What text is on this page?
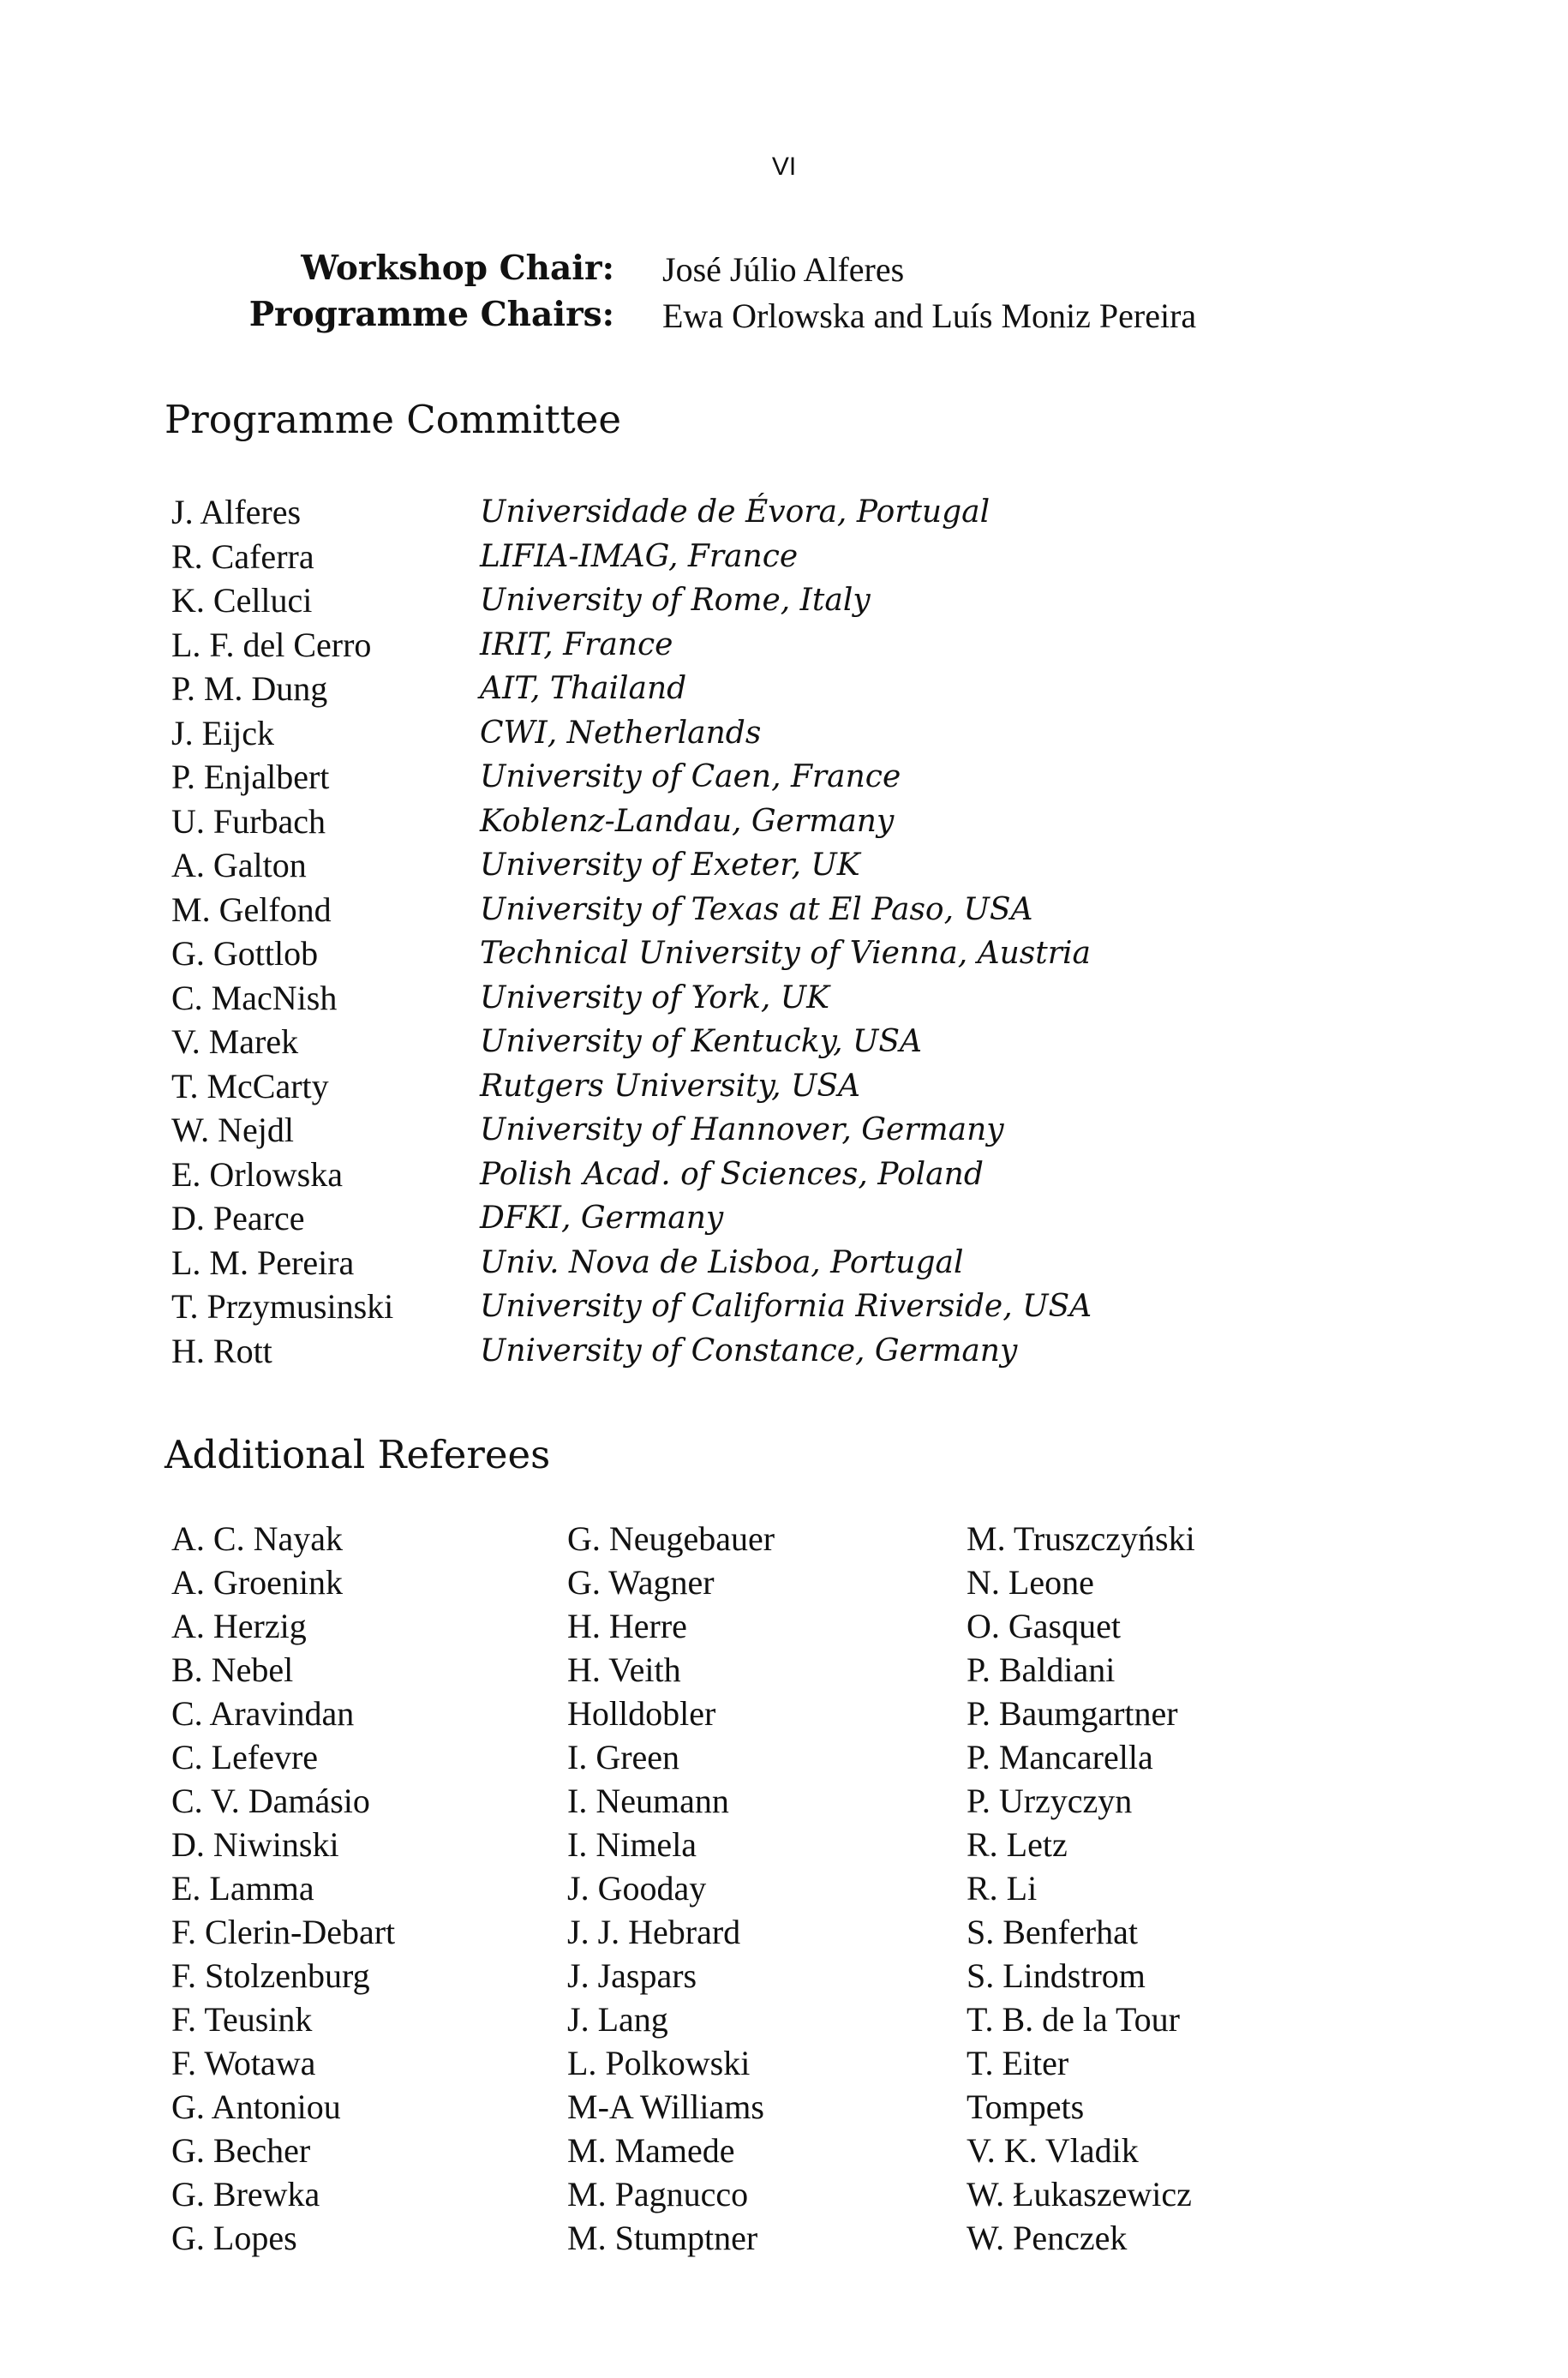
VI
Workshop Chair: José Júlio Alferes
Programme Chairs: Ewa Orlowska and Luís Moniz Pereira
Programme Committee
J. Alferes	Universidade de Évora, Portugal
R. Caferra	LIFIA-IMAG, France
K. Celluci	University of Rome, Italy
L. F. del Cerro	IRIT, France
P. M. Dung	AIT, Thailand
J. Eijck	CWI, Netherlands
P. Enjalbert	University of Caen, France
U. Furbach	Koblenz-Landau, Germany
A. Galton	University of Exeter, UK
M. Gelfond	University of Texas at El Paso, USA
G. Gottlob	Technical University of Vienna, Austria
C. MacNish	University of York, UK
V. Marek	University of Kentucky, USA
T. McCarty	Rutgers University, USA
W. Nejdl	University of Hannover, Germany
E. Orlowska	Polish Acad. of Sciences, Poland
D. Pearce	DFKI, Germany
L. M. Pereira	Univ. Nova de Lisboa, Portugal
T. Przymusinski	University of California Riverside, USA
H. Rott	University of Constance, Germany
Additional Referees
A. C. Nayak
A. Groenink
A. Herzig
B. Nebel
C. Aravindan
C. Lefevre
C. V. Damásio
D. Niwinski
E. Lamma
F. Clerin-Debart
F. Stolzenburg
F. Teusink
F. Wotawa
G. Antoniou
G. Becher
G. Brewka
G. Lopes
G. Neugebauer
G. Wagner
H. Herre
H. Veith
Holldobler
I. Green
I. Neumann
I. Nimela
J. Gooday
J. J. Hebrard
J. Jaspars
J. Lang
L. Polkowski
M-A Williams
M. Mamede
M. Pagnucco
M. Stumptner
M. Truszczyński
N. Leone
O. Gasquet
P. Baldiani
P. Baumgartner
P. Mancarella
P. Urzyczyn
R. Letz
R. Li
S. Benferhat
S. Lindstrom
T. B. de la Tour
T. Eiter
Tompets
V. K. Vladik
W. Łukaszewicz
W. Penczek
